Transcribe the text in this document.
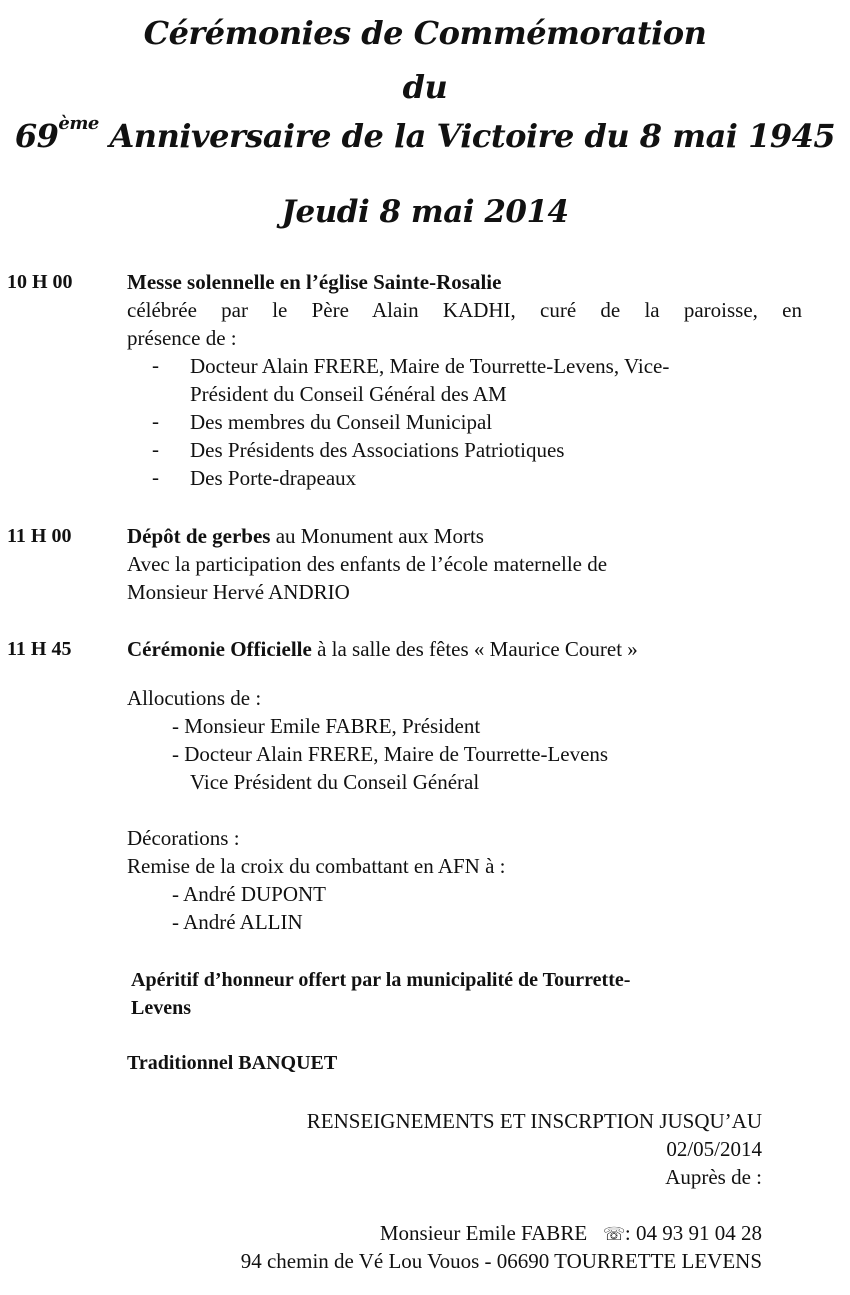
Cérémonies de Commémoration
du
69ème Anniversaire de la Victoire du 8 mai 1945
Jeudi 8 mai 2014
10 H 00	Messe solennelle en l’église Sainte-Rosalie
célébrée par le Père Alain KADHI, curé de la paroisse, en
présence de :
- Docteur Alain FRERE, Maire de Tourrette-Levens, Vice-
Président du Conseil Général des AM
- Des membres du Conseil Municipal
- Des Présidents des Associations Patriotiques
- Des Porte-drapeaux
11 H 00	Dépôt de gerbes au Monument aux Morts
Avec la participation des enfants de l’école maternelle de
Monsieur Hervé ANDRIO
11 H 45	Cérémonie Officielle à la salle des fêtes « Maurice Couret »
Allocutions de :
- Monsieur Emile FABRE, Président
- Docteur Alain FRERE, Maire de Tourrette-Levens
Vice Président du Conseil Général
Décorations :
Remise de la croix du combattant en AFN à :
- André DUPONT
- André ALLIN
Apéritif d’honneur offert par la municipalité de Tourrette-
Levens
Traditionnel BANQUET
RENSEIGNEMENTS ET INSCRPTION JUSQU’AU
02/05/2014
Auprès de :
Monsieur Emile FABRE ☏: 04 93 91 04 28
94 chemin de Vé Lou Vouos - 06690 TOURRETTE LEVENS
